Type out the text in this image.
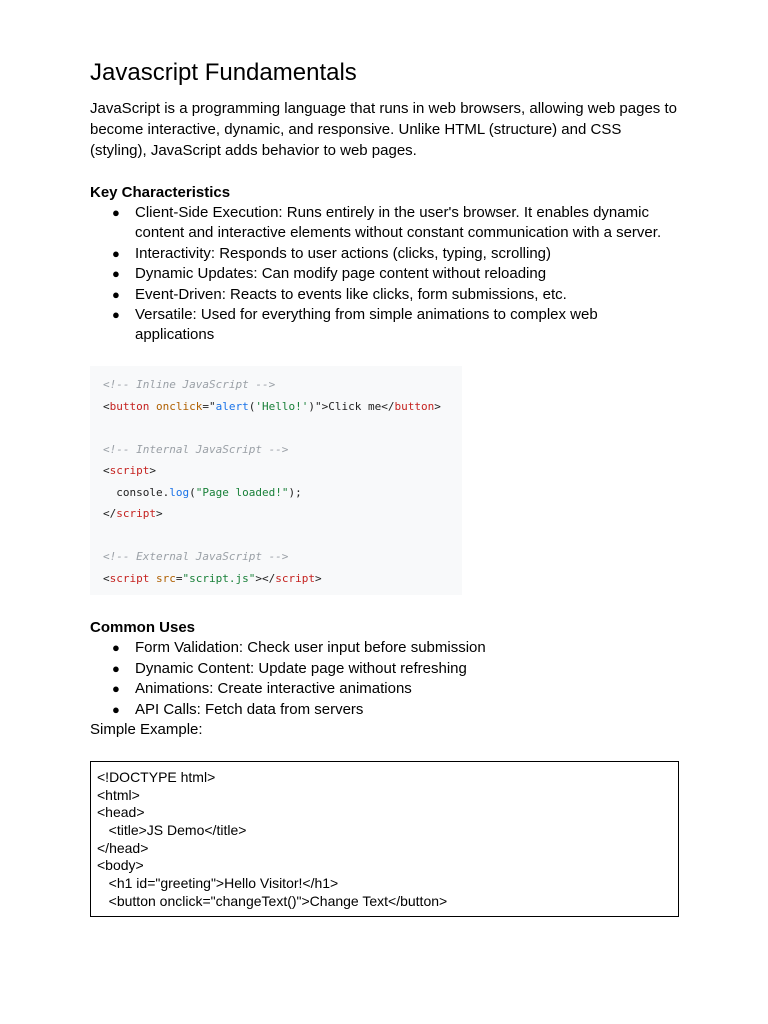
Javascript Fundamentals

JavaScript is a programming language that runs in web browsers, allowing web pages to become interactive, dynamic, and responsive. Unlike HTML (structure) and CSS (styling), JavaScript adds behavior to web pages.

Key Characteristics
● Client-Side Execution: Runs entirely in the user's browser. It enables dynamic content and interactive elements without constant communication with a server.
● Interactivity: Responds to user actions (clicks, typing, scrolling)
● Dynamic Updates: Can modify page content without reloading
● Event-Driven: Reacts to events like clicks, form submissions, etc.
● Versatile: Used for everything from simple animations to complex web applications
<!-- Inline JavaScript -->
<button onclick="alert('Hello!')">Click me</button>

<!-- Internal JavaScript -->
<script>
console.log("Page loaded!");
</script>

<!-- External JavaScript -->
<script src="script.js"></script>
Common Uses
● Form Validation: Check user input before submission
● Dynamic Content: Update page without refreshing
● Animations: Create interactive animations
● API Calls: Fetch data from servers

Simple Example:

<!DOCTYPE html>
<html>
<head>
<title>JS Demo</title>
</head>
<body>
<h1 id="greeting">Hello Visitor!</h1>
<button onclick="changeText()">Change Text</button>
